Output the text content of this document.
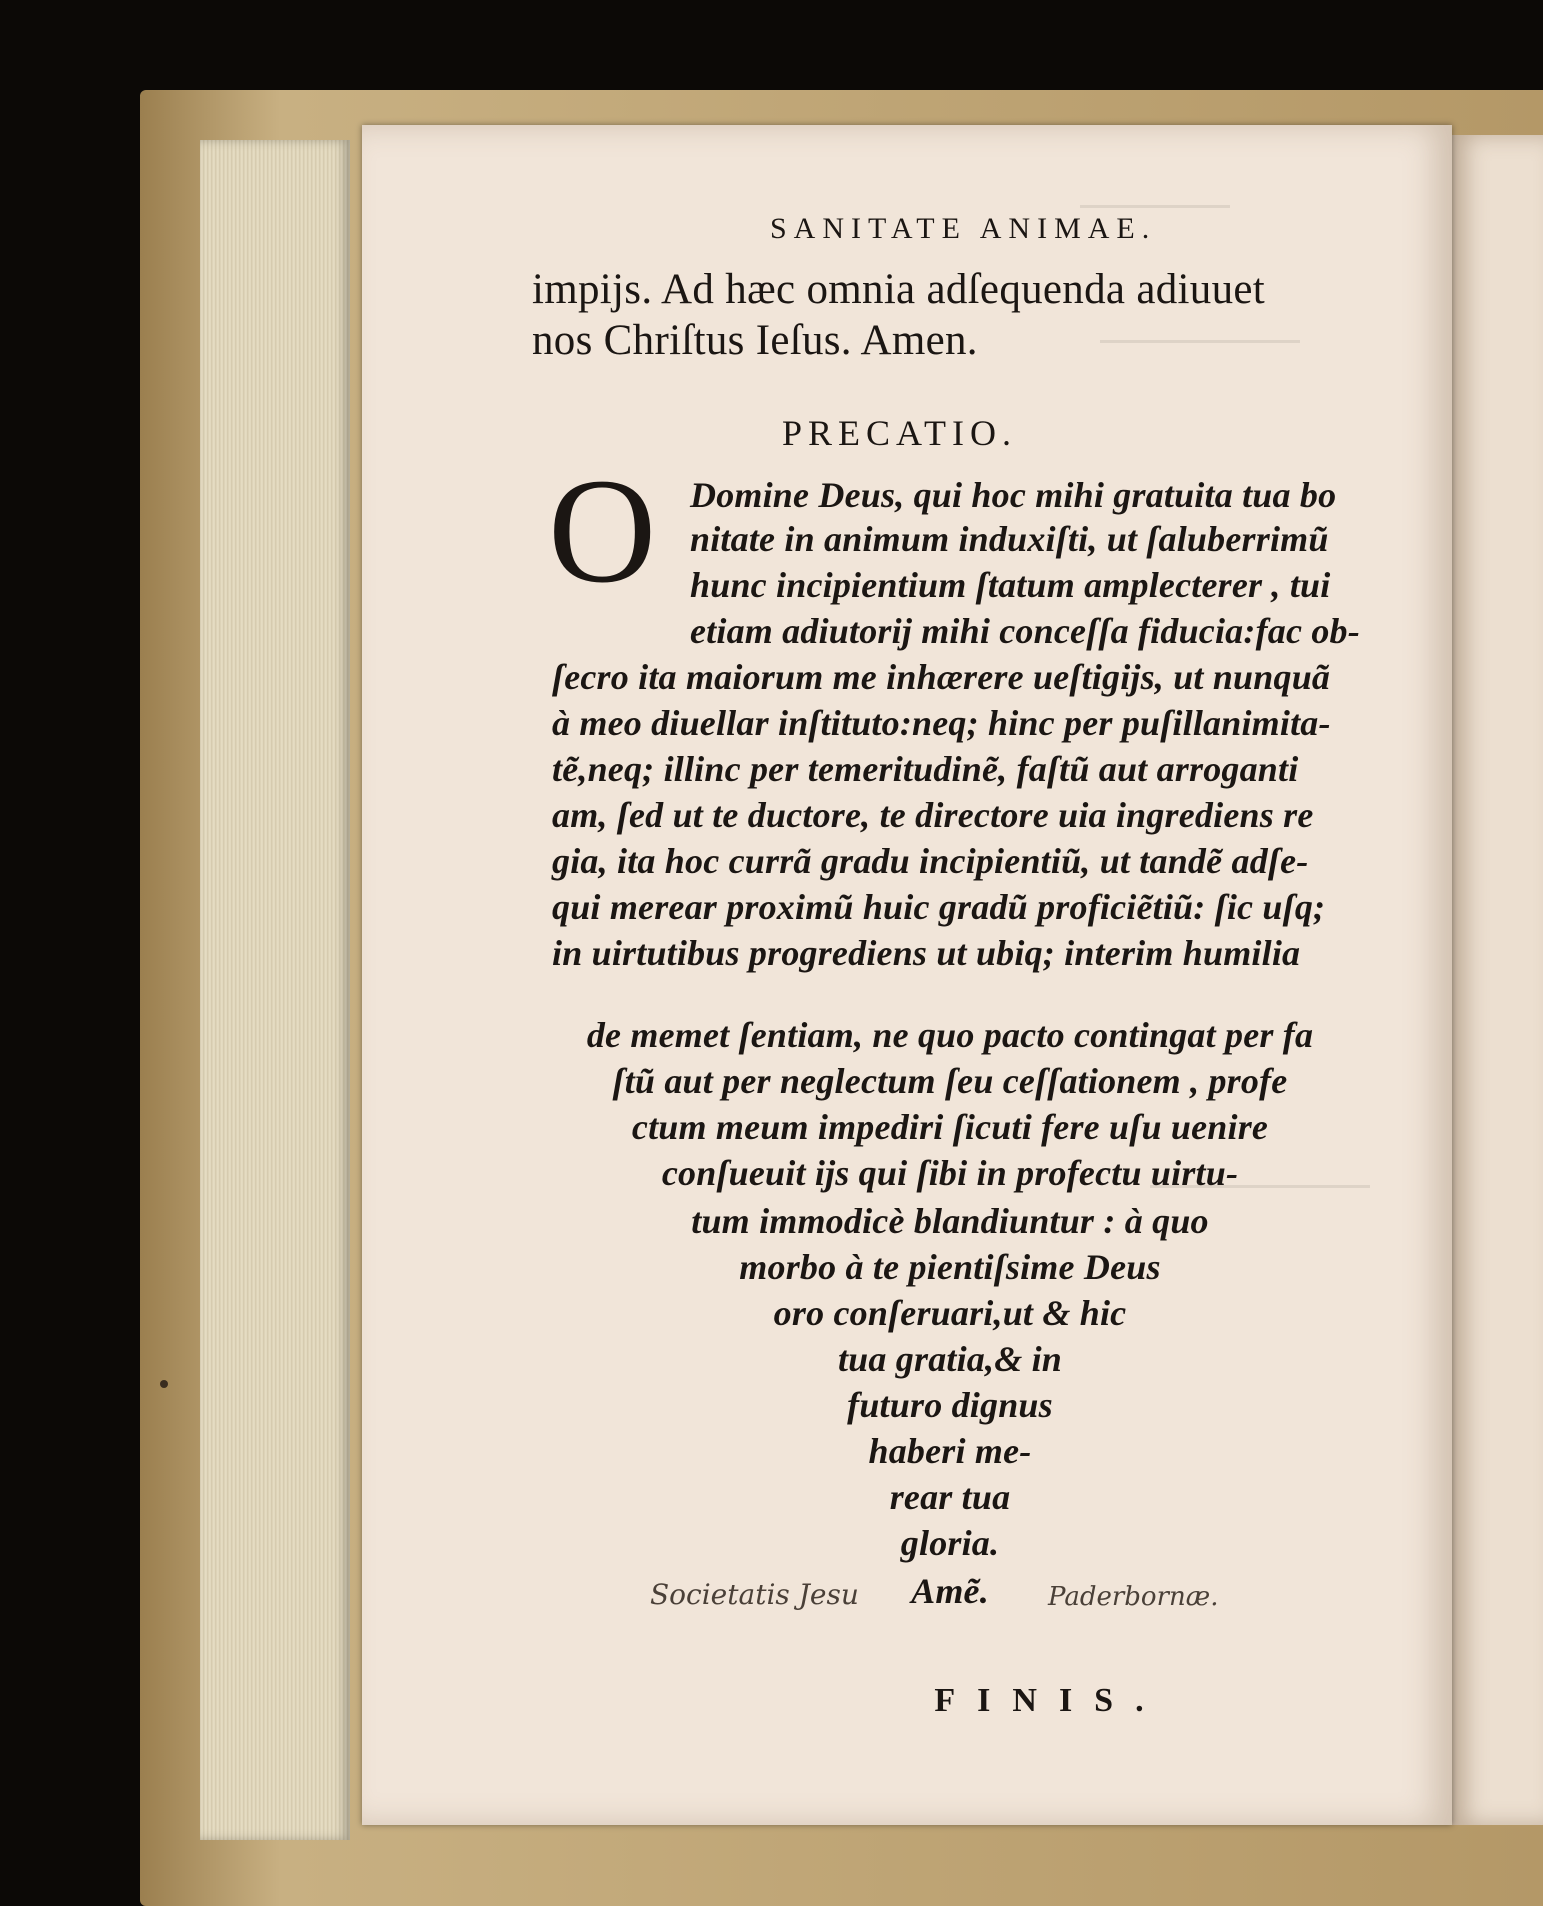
SANITATE ANIMAE.
impijs. Ad hæc omnia adſequenda adiuuet
nos Chriſtus Ieſus. Amen.
PRECATIO.
O Domine Deus, qui hoc mihi gratuita tua bo
nitate in animum induxiſti, ut ſaluberrimũ
hunc incipientium ſtatum amplecterer , tui
etiam adiutorij mihi conceſſa fiducia:fac ob-
ſecro ita maiorum me inhærere ueſtigijs, ut nunquã
à meo diuellar inſtituto:neq; hinc per puſillanimita-
tẽ,neq; illinc per temeritudinẽ, faſtũ aut arroganti
am, ſed ut te ductore, te directore uia ingrediens re
gia, ita hoc currã gradu incipientiũ, ut tandẽ adſe-
qui merear proximũ huic gradũ proficiẽtiũ: ſic uſq;
in uirtutibus progrediens ut ubiq; interim humilia
de memet ſentiam, ne quo pacto contingat per fa
ſtũ aut per neglectum ſeu ceſſationem , profe
ctum meum impediri ſicuti fere uſu uenire
conſueuit ijs qui ſibi in profectu uirtu-
tum immodicè blandiuntur : à quo
morbo à te pientiſsime Deus
oro conſeruari,ut & hic
tua gratia,& in
futuro dignus
haberi me-
rear tua
gloria.
Amẽ.
Societatis Jesu	Paderbornæ.
FINIS.
